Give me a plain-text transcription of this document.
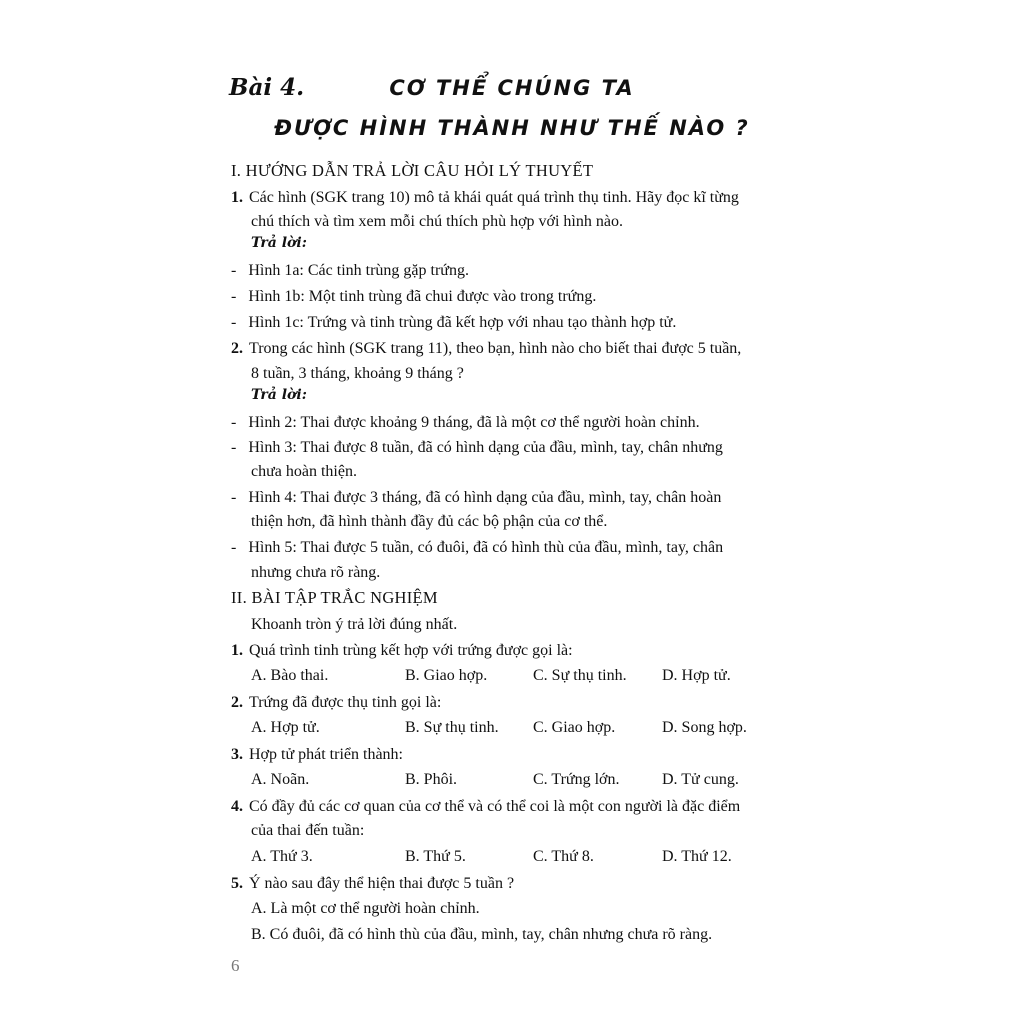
Bài 4.	CƠ THỂ CHÚNG TA
ĐƯỢC HÌNH THÀNH NHƯ THẾ NÀO ?
I. HƯỚNG DẪN TRẢ LỜI CÂU HỎI LÝ THUYẾT
1. Các hình (SGK trang 10) mô tả khái quát quá trình thụ tinh. Hãy đọc kĩ từng
chú thích và tìm xem mỗi chú thích phù hợp với hình nào.
Trả lời:
-   Hình 1a: Các tinh trùng gặp trứng.
-   Hình 1b: Một tinh trùng đã chui được vào trong trứng.
-   Hình 1c: Trứng và tinh trùng đã kết hợp với nhau tạo thành hợp tử.
2. Trong các hình (SGK trang 11), theo bạn, hình nào cho biết thai được 5 tuần,
8 tuần, 3 tháng, khoảng 9 tháng ?
Trả lời:
-   Hình 2: Thai được khoảng 9 tháng, đã là một cơ thể người hoàn chỉnh.
-   Hình 3: Thai được 8 tuần, đã có hình dạng của đầu, mình, tay, chân nhưng
chưa hoàn thiện.
-   Hình 4: Thai được 3 tháng, đã có hình dạng của đầu, mình, tay, chân hoàn
thiện hơn, đã hình thành đầy đủ các bộ phận của cơ thể.
-   Hình 5: Thai được 5 tuần, có đuôi, đã có hình thù của đầu, mình, tay, chân
nhưng chưa rõ ràng.
II. BÀI TẬP TRẮC NGHIỆM
Khoanh tròn ý trả lời đúng nhất.
1. Quá trình tinh trùng kết hợp với trứng được gọi là:
A. Bào thai.	B. Giao hợp.	C. Sự thụ tinh. D. Hợp tử.
2. Trứng đã được thụ tinh gọi là:
A. Hợp tử.	B. Sự thụ tinh. C. Giao hợp.	D. Song hợp.
3. Hợp tử phát triển thành:
A. Noãn.	B. Phôi.	C. Trứng lớn.	D. Tử cung.
4. Có đầy đủ các cơ quan của cơ thể và có thể coi là một con người là đặc điểm
của thai đến tuần:
A. Thứ 3.	B. Thứ 5.	C. Thứ 8.	D. Thứ 12.
5. Ý nào sau đây thể hiện thai được 5 tuần ?
A. Là một cơ thể người hoàn chỉnh.
B. Có đuôi, đã có hình thù của đầu, mình, tay, chân nhưng chưa rõ ràng.
6
